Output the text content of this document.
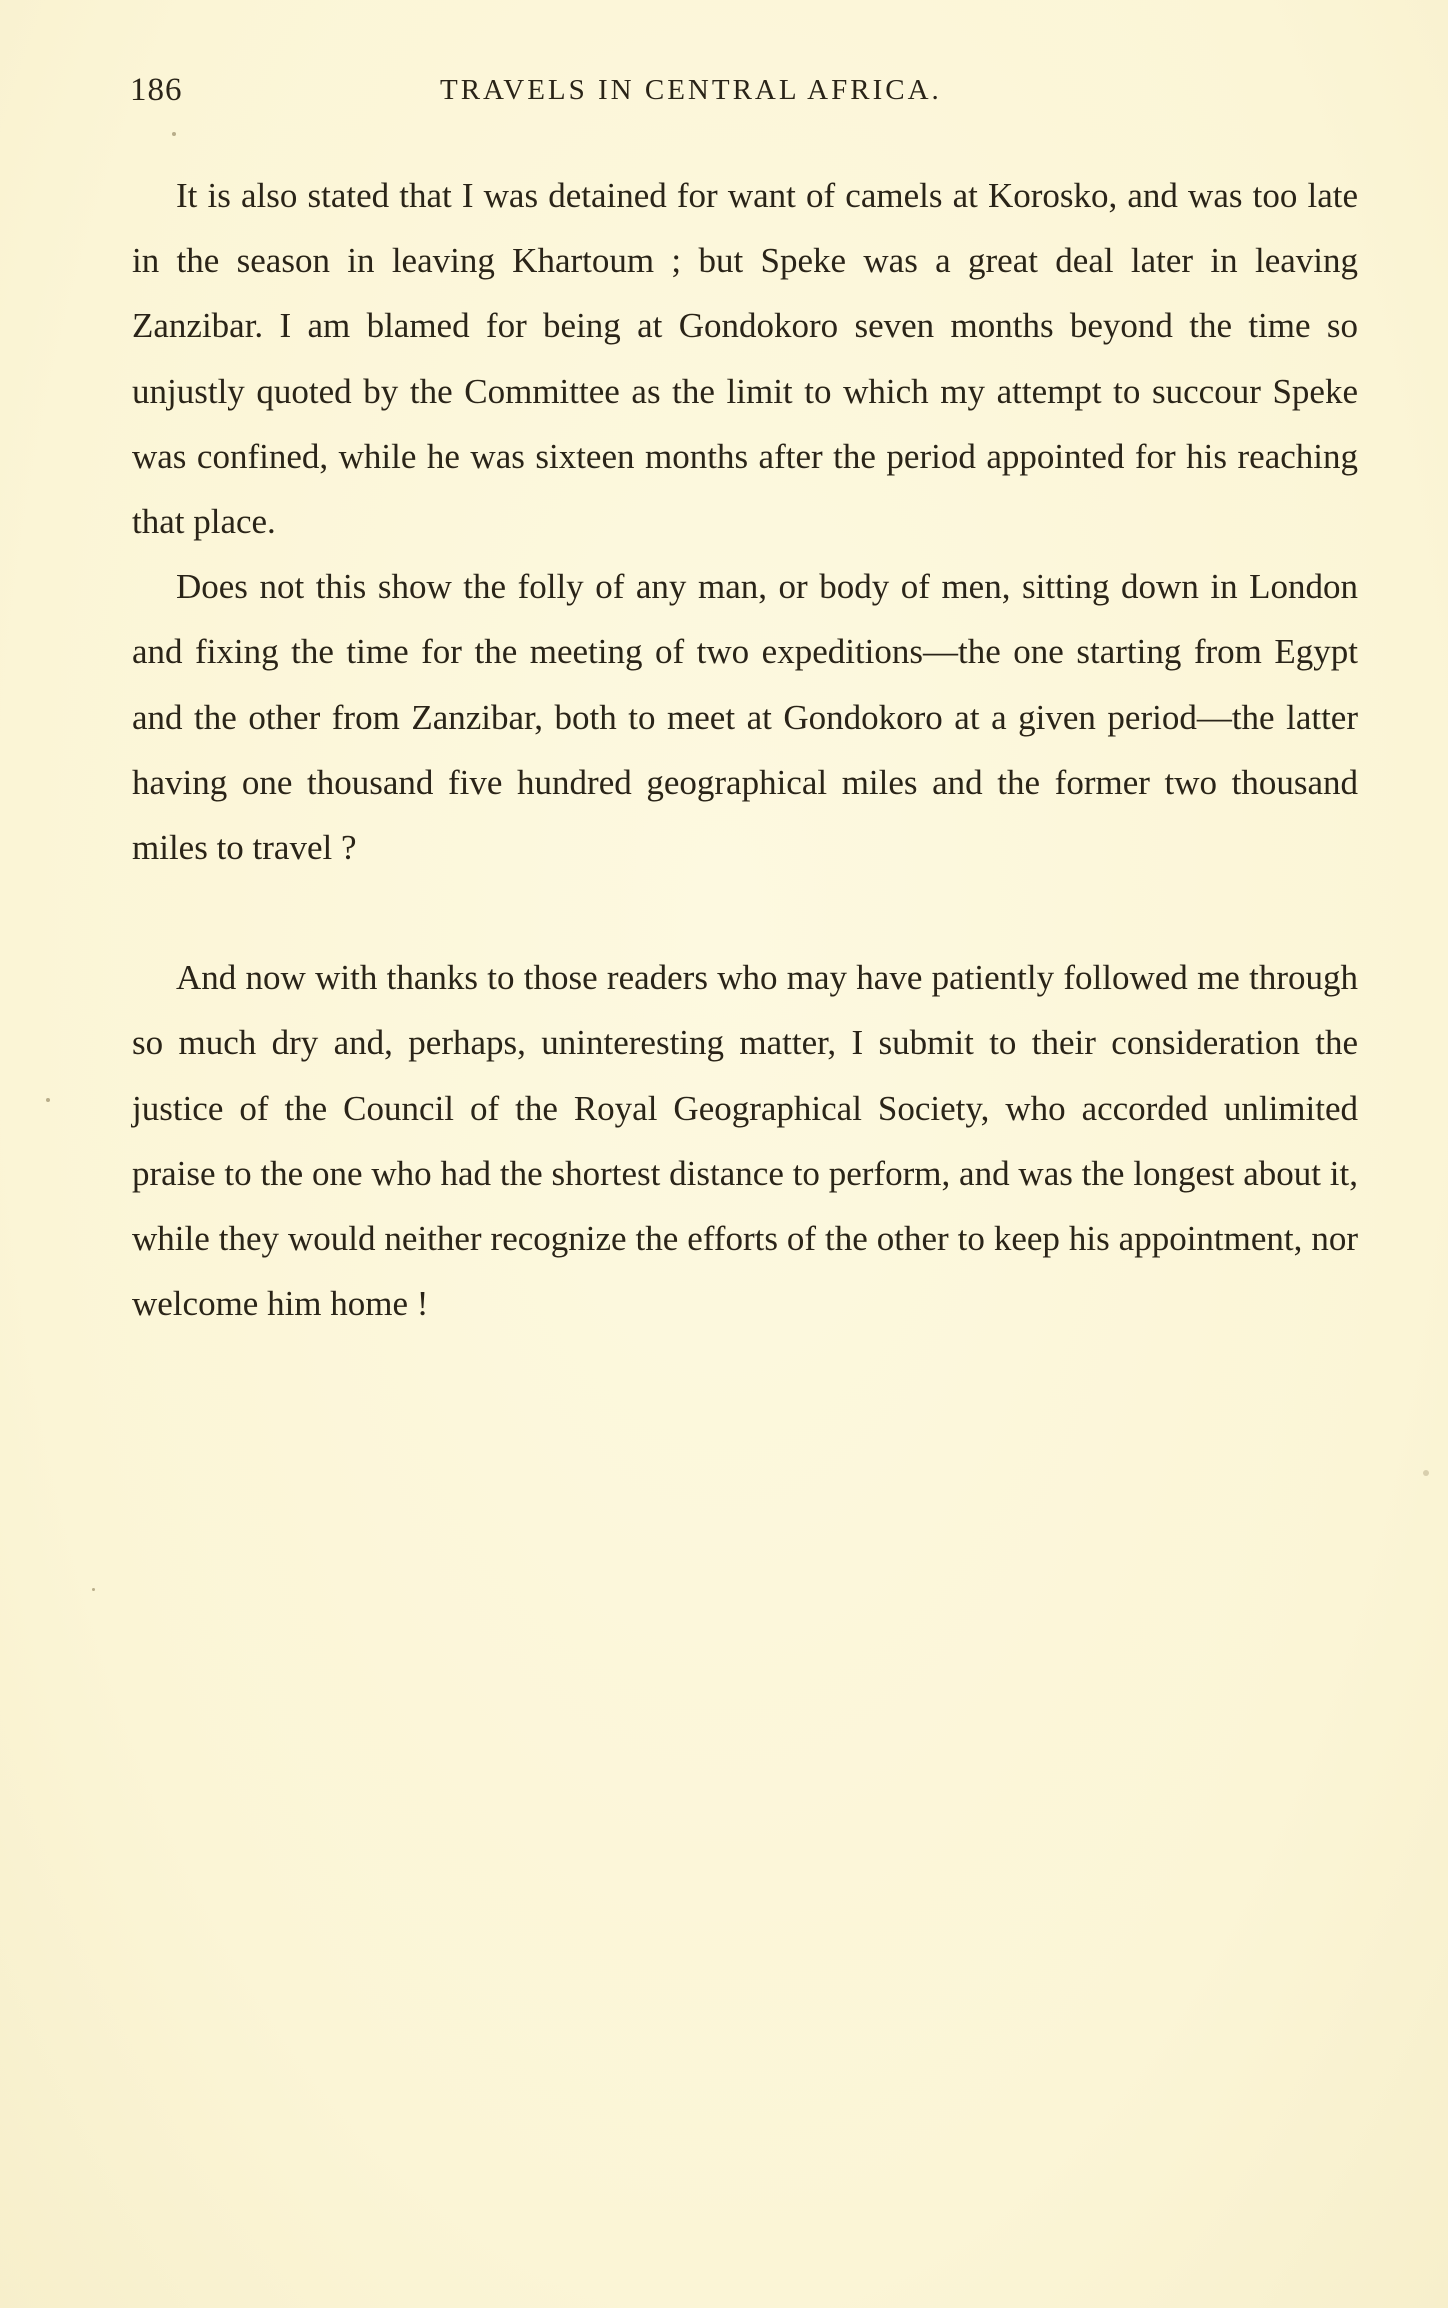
186	TRAVELS IN CENTRAL AFRICA.

It is also stated that I was detained for want of camels at Korosko, and was too late in the season in leaving Khartoum ; but Speke was a great deal later in leaving Zanzibar. I am blamed for being at Gondokoro seven months beyond the time so unjustly quoted by the Committee as the limit to which my attempt to succour Speke was confined, while he was sixteen months after the period appointed for his reaching that place.

Does not this show the folly of any man, or body of men, sitting down in London and fixing the time for the meeting of two expeditions—the one starting from Egypt and the other from Zanzibar, both to meet at Gondokoro at a given period—the latter having one thousand five hundred geographical miles and the former two thousand miles to travel ?

And now with thanks to those readers who may have patiently followed me through so much dry and, perhaps, uninteresting matter, I submit to their consideration the justice of the Council of the Royal Geographical Society, who accorded unlimited praise to the one who had the shortest distance to perform, and was the longest about it, while they would neither recognize the efforts of the other to keep his appointment, nor welcome him home !
